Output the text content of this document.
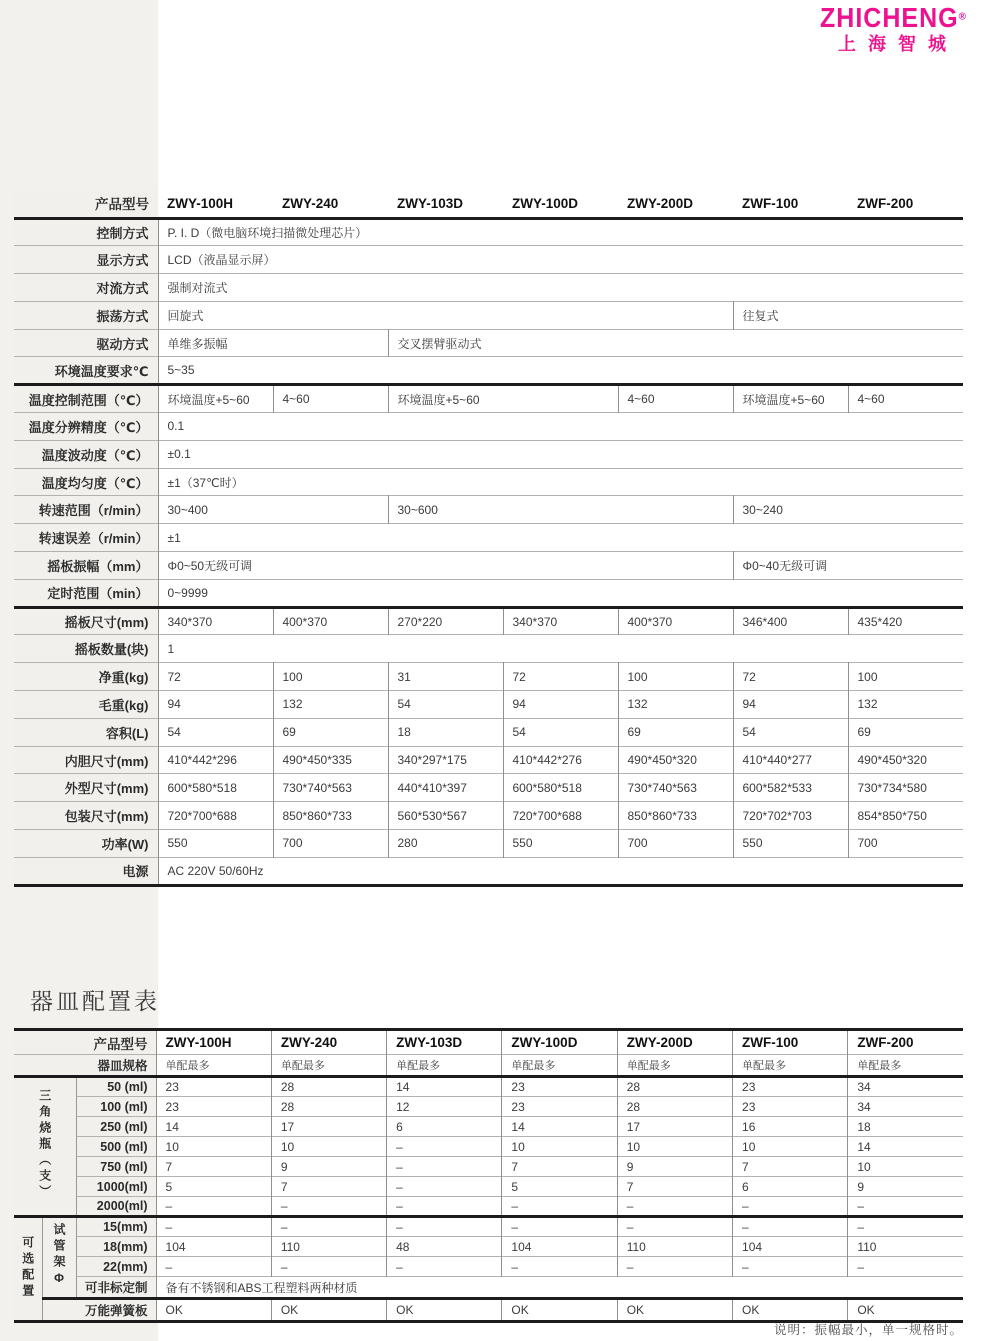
ZHICHENG®
上海智城
产品型号	ZWY-100H	ZWY-240	ZWY-103D	ZWY-100D	ZWY-200D	ZWF-100	ZWF-200
控制方式	P. I. D（微电脑环境扫描微处理芯片）						
显示方式	LCD（液晶显示屏）						
对流方式	强制对流式						
振荡方式	回旋式					往复式	
驱动方式	单维多振幅		交叉摆臂驱动式				
环境温度要求℃	5~35						
温度控制范围（℃）	环境温度+5~60	4~60	环境温度+5~60		4~60	环境温度+5~60	4~60
温度分辨精度（℃）	0.1						
温度波动度（℃）	±0.1						
温度均匀度（℃）	±1（37℃时）						
转速范围（r/min）	30~400		30~600			30~240	
转速误差（r/min）	±1						
摇板振幅（mm）	Φ0~50无级可调					Φ0~40无级可调	
定时范围（min）	0~9999						
摇板尺寸(mm)	340*370	400*370	270*220	340*370	400*370	346*400	435*420
摇板数量(块)	1						
净重(kg)	72	100	31	72	100	72	100
毛重(kg)	94	132	54	94	132	94	132
容积(L)	54	69	18	54	69	54	69
内胆尺寸(mm)	410*442*296	490*450*335	340*297*175	410*442*276	490*450*320	410*440*277	490*450*320
外型尺寸(mm)	600*580*518	730*740*563	440*410*397	600*580*518	730*740*563	600*582*533	730*734*580
包装尺寸(mm)	720*700*688	850*860*733	560*530*567	720*700*688	850*860*733	720*702*703	854*850*750
功率(W)	550	700	280	550	700	550	700
电源	AC 220V 50/60Hz						
器皿配置表
产品型号			ZWY-100H	ZWY-240	ZWY-103D	ZWY-100D	ZWY-200D	ZWF-100	ZWF-200
器皿规格			单配最多	单配最多	单配最多	单配最多	单配最多	单配最多	单配最多
三角烧瓶（支）		50 (ml)	23	28	14	23	28	23	34
		100 (ml)	23	28	12	23	28	23	34
		250 (ml)	14	17	6	14	17	16	18
		500 (ml)	10	10	–	10	10	10	14
		750 (ml)	7	9	–	7	9	7	10
		1000(ml)	5	7	–	5	7	6	9
		2000(ml)	–	–	–	–	–	–	–
可选配置	试管架Φ	15(mm)	–	–	–	–	–	–	–
		18(mm)	104	110	48	104	110	104	110
		22(mm)	–	–	–	–	–	–	–
		可非标定制	备有不锈钢和ABS工程塑料两种材质						
	万能弹簧板		OK	OK	OK	OK	OK	OK	OK
说明：振幅最小，单一规格时。
